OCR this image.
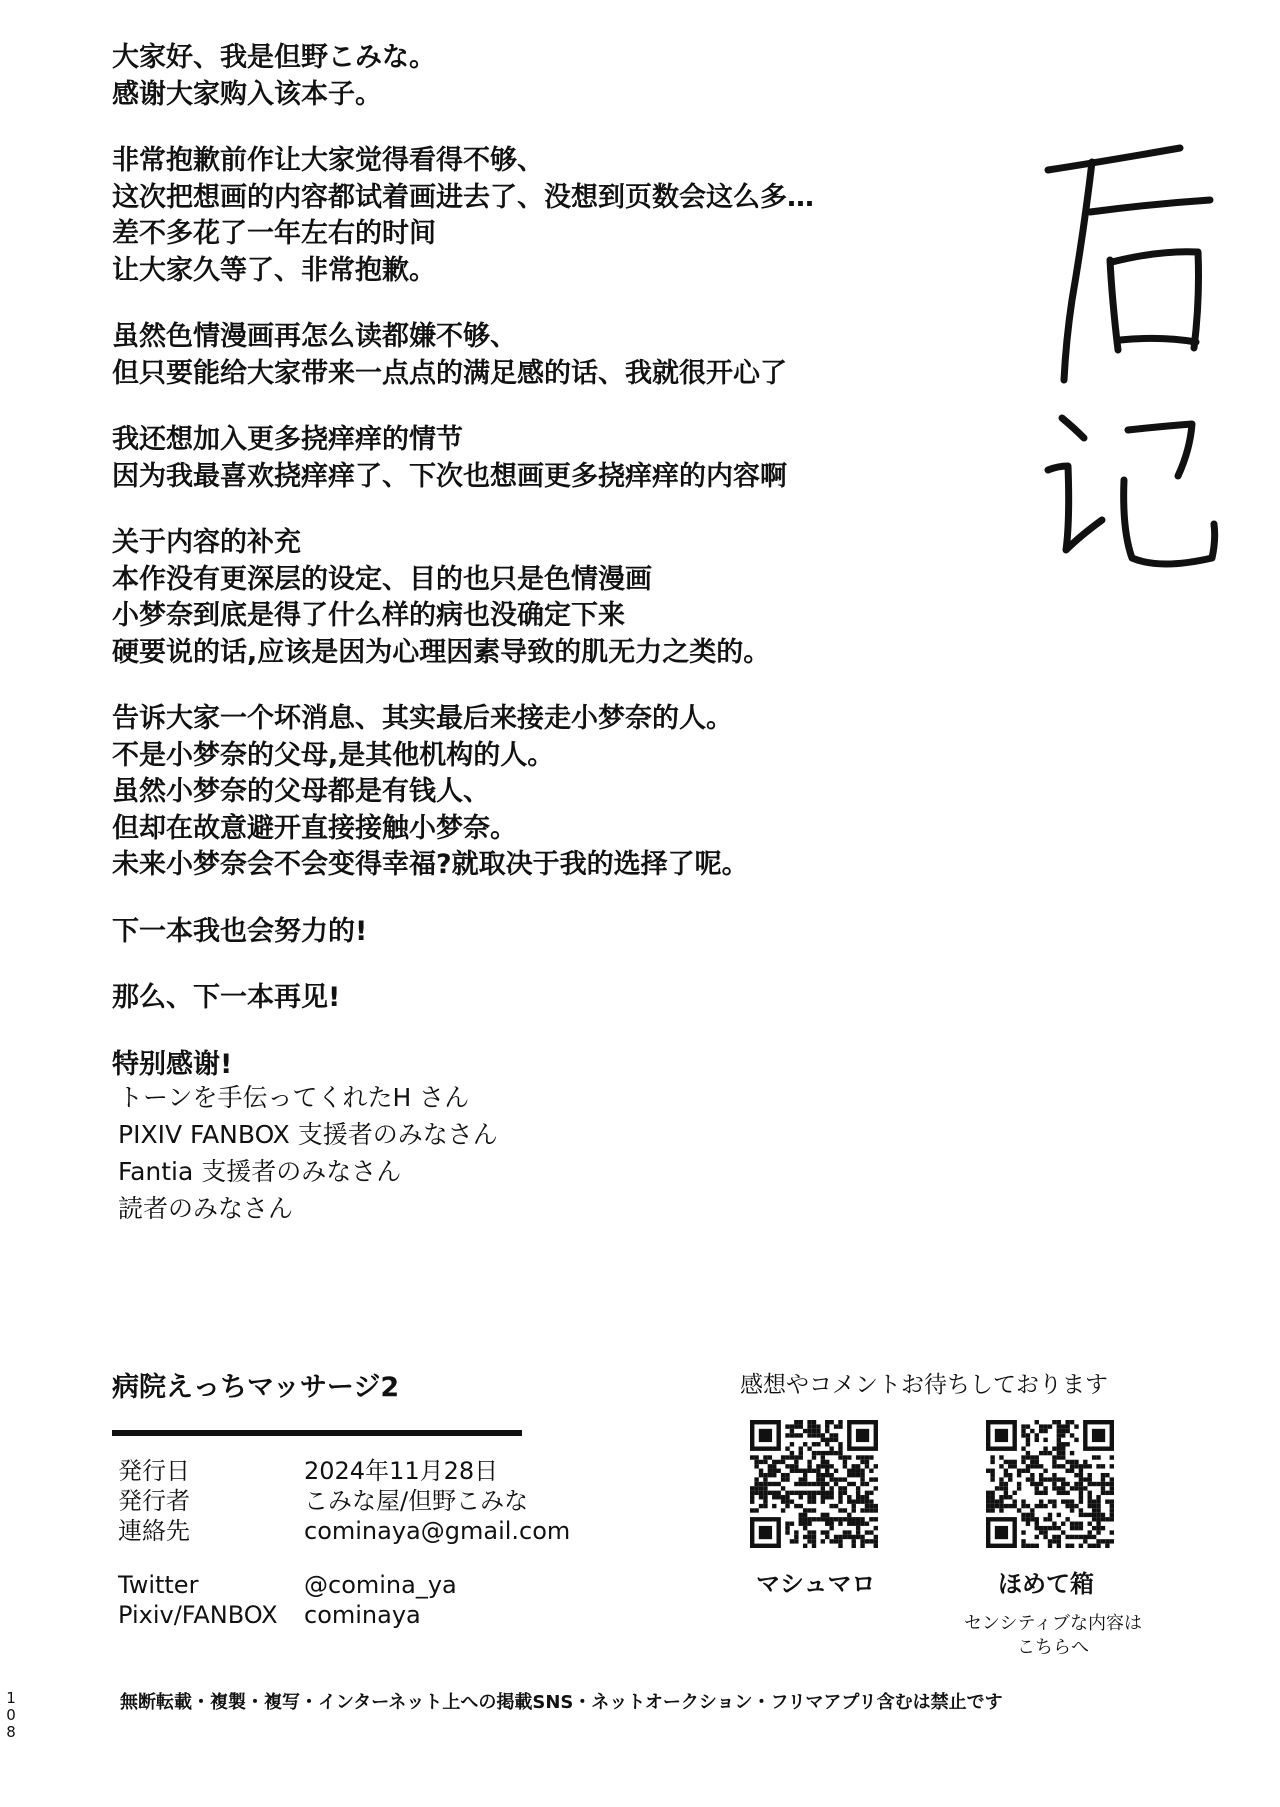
大家好、我是但野こみな。
感谢大家购入该本子。
非常抱歉前作让大家觉得看得不够、
这次把想画的内容都试着画进去了、没想到页数会这么多…
差不多花了一年左右的时间
让大家久等了、非常抱歉。
虽然色情漫画再怎么读都嫌不够、
但只要能给大家带来一点点的满足感的话、我就很开心了
我还想加入更多挠痒痒的情节
因为我最喜欢挠痒痒了、下次也想画更多挠痒痒的内容啊
关于内容的补充
本作没有更深层的设定、目的也只是色情漫画
小梦奈到底是得了什么样的病也没确定下来
硬要说的话,应该是因为心理因素导致的肌无力之类的。
告诉大家一个坏消息、其实最后来接走小梦奈的人。
不是小梦奈的父母,是其他机构的人。
虽然小梦奈的父母都是有钱人、
但却在故意避开直接接触小梦奈。
未来小梦奈会不会变得幸福?就取决于我的选择了呢。
下一本我也会努力的!
那么、下一本再见!
特别感谢!
トーンを手伝ってくれたH さん
PIXIV FANBOX 支援者のみなさん
Fantia 支援者のみなさん
読者のみなさん
病院えっちマッサージ2
発行日	2024年11月28日
発行者	こみな屋/但野こみな
連絡先	cominaya@gmail.com
Twitter	@comina_ya
Pixiv/FANBOX	cominaya
感想やコメントお待ちしております
マシュマロ	ほめて箱
センシティブな内容は
こちらへ
無断転載・複製・複写・インターネット上への掲載SNS・ネットオークション・フリマアプリ含むは禁止です
108
